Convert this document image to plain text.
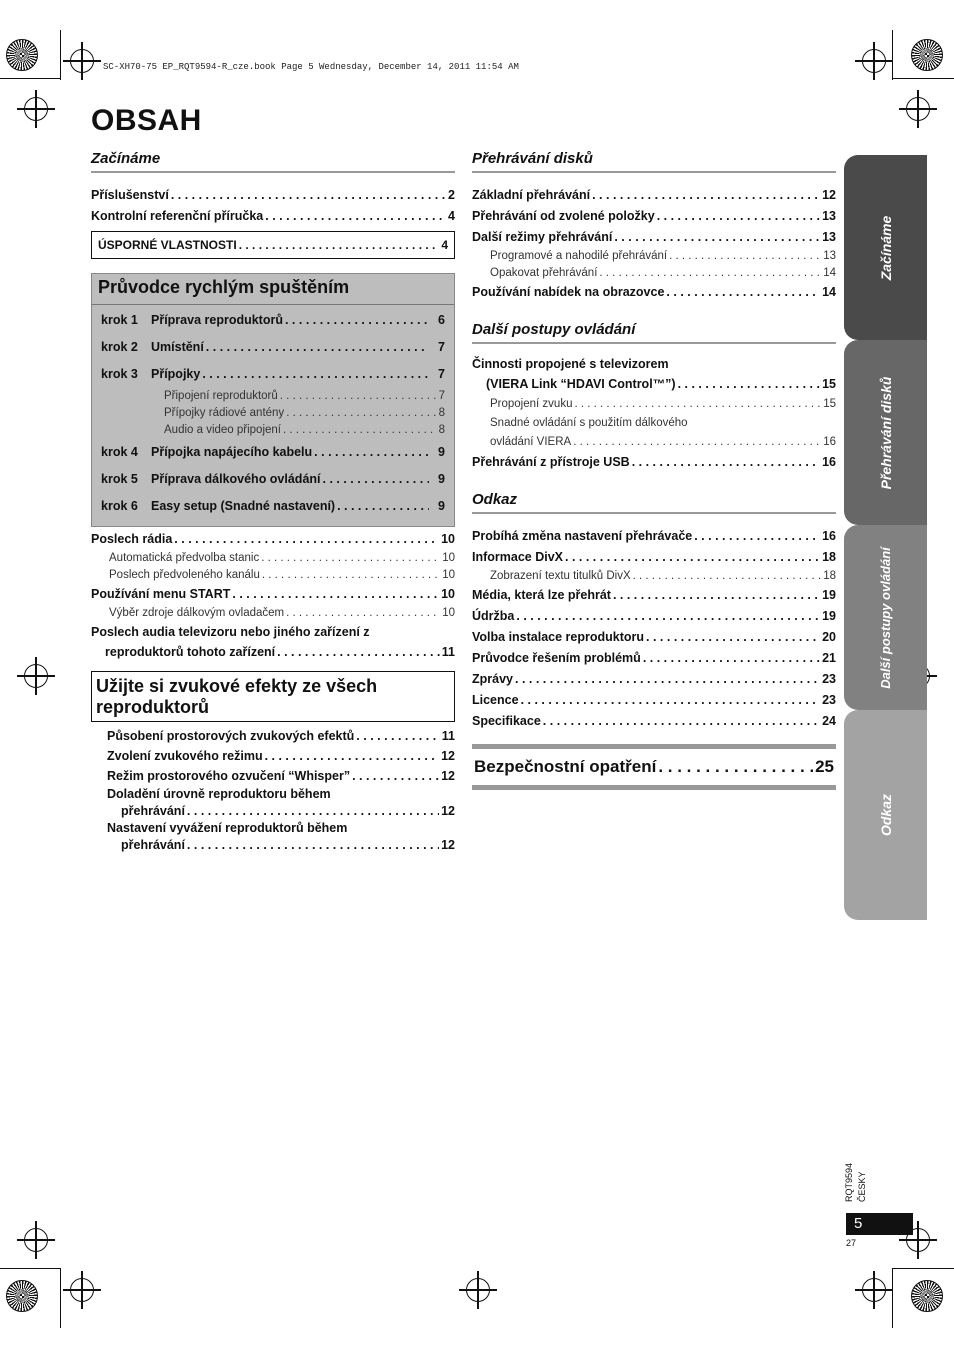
SC-XH70-75 EP_RQT9594-R_cze.book Page 5 Wednesday, December 14, 2011 11:54 AM
OBSAH
Začínáme
Příslušenství . . .	2
Kontrolní referenční příručka . . .	4
ÚSPORNÉ VLASTNOSTI . . .	4
Průvodce rychlým spuštěním
krok 1	Příprava reproduktorů . . .	6
krok 2	Umístění . . .	7
krok 3	Přípojky . . .	7
Připojení reproduktorů . . .	7
Přípojky rádiové antény . . .	8
Audio a video připojení . . .	8
krok 4	Přípojka napájecího kabelu . . .	9
krok 5	Příprava dálkového ovládání . . .	9
krok 6	Easy setup (Snadné nastavení) . . .	9
Poslech rádia . . .	10
Automatická předvolba stanic . . .	10
Poslech předvoleného kanálu . . .	10
Používání menu START . . .	10
Výběr zdroje dálkovým ovladačem . . .	10
Poslech audia televizoru nebo jiného zařízení z
reproduktorů tohoto zařízení . . .	11
Užijte si zvukové efekty ze všech reproduktorů
Působení prostorových zvukových efektů . . .	11
Zvolení zvukového režimu . . .	12
Režim prostorového ozvučení “Whisper” . . .	12
Doladění úrovně reproduktoru během
přehrávání . . .	12
Nastavení vyvážení reproduktorů během
přehrávání . . .	12
Přehrávání disků
Základní přehrávání . . .	12
Přehrávání od zvolené položky . . .	13
Další režimy přehrávání . . .	13
Programové a nahodilé přehrávání . . .	13
Opakovat přehrávání . . .	14
Používání nabídek na obrazovce . . .	14
Další postupy ovládání
Činnosti propojené s televizorem
(VIERA Link “HDAVI Control™”) . . .	15
Propojení zvuku . . .	15
Snadné ovládání s použitím dálkového
ovládání VIERA . . .	16
Přehrávání z přístroje USB . . .	16
Odkaz
Probíhá změna nastavení přehrávače . . .	16
Informace DivX . . .	18
Zobrazení textu titulků DivX . . .	18
Média, která lze přehrát . . .	19
Údržba . . .	19
Volba instalace reproduktoru . . .	20
Průvodce řešením problémů . . .	21
Zprávy . . .	23
Licence . . .	23
Specifikace . . .	24
Bezpečnostní opatření . . .	25
Začínáme
Přehrávání disků
Další postupy ovládání
Odkaz
RQT9594 ČESKY
5
27
